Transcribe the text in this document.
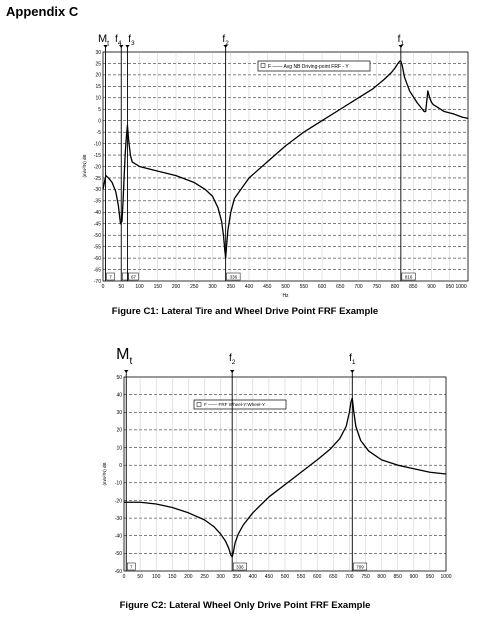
Appendix C
30
25
20
15
10
5
0
-5
-10
-15
-20
-25
-30
-35
-40
-45
-50
-55
-60
-65
-70
0	50 100 150 200 250 300 350 400 450 500 550 600 650 700 750 800 850 900 950 1000
Hz
(m/s²/N) dB
F —— Avg NB Driving-point FRF - Y
$M_t$
7
$f_4$ $f_3$
67
$f_2$
336
$f_1$
816
50
40
30
20
10
0
-10
-20
-30
-40
-50
-60
0 50 100 150 200 250 300 350 400 450 500 550 600 650 700 750 800 850 900 950 1000
(m/s²/N) dB
F —— FRF Wheel-Y:Wheel-Y
$M_t$
7
$f_2$
336
$f_1$
709
Figure C1: Lateral Tire and Wheel Drive Point FRF Example
Figure C2: Lateral Wheel Only Drive Point FRF Example
